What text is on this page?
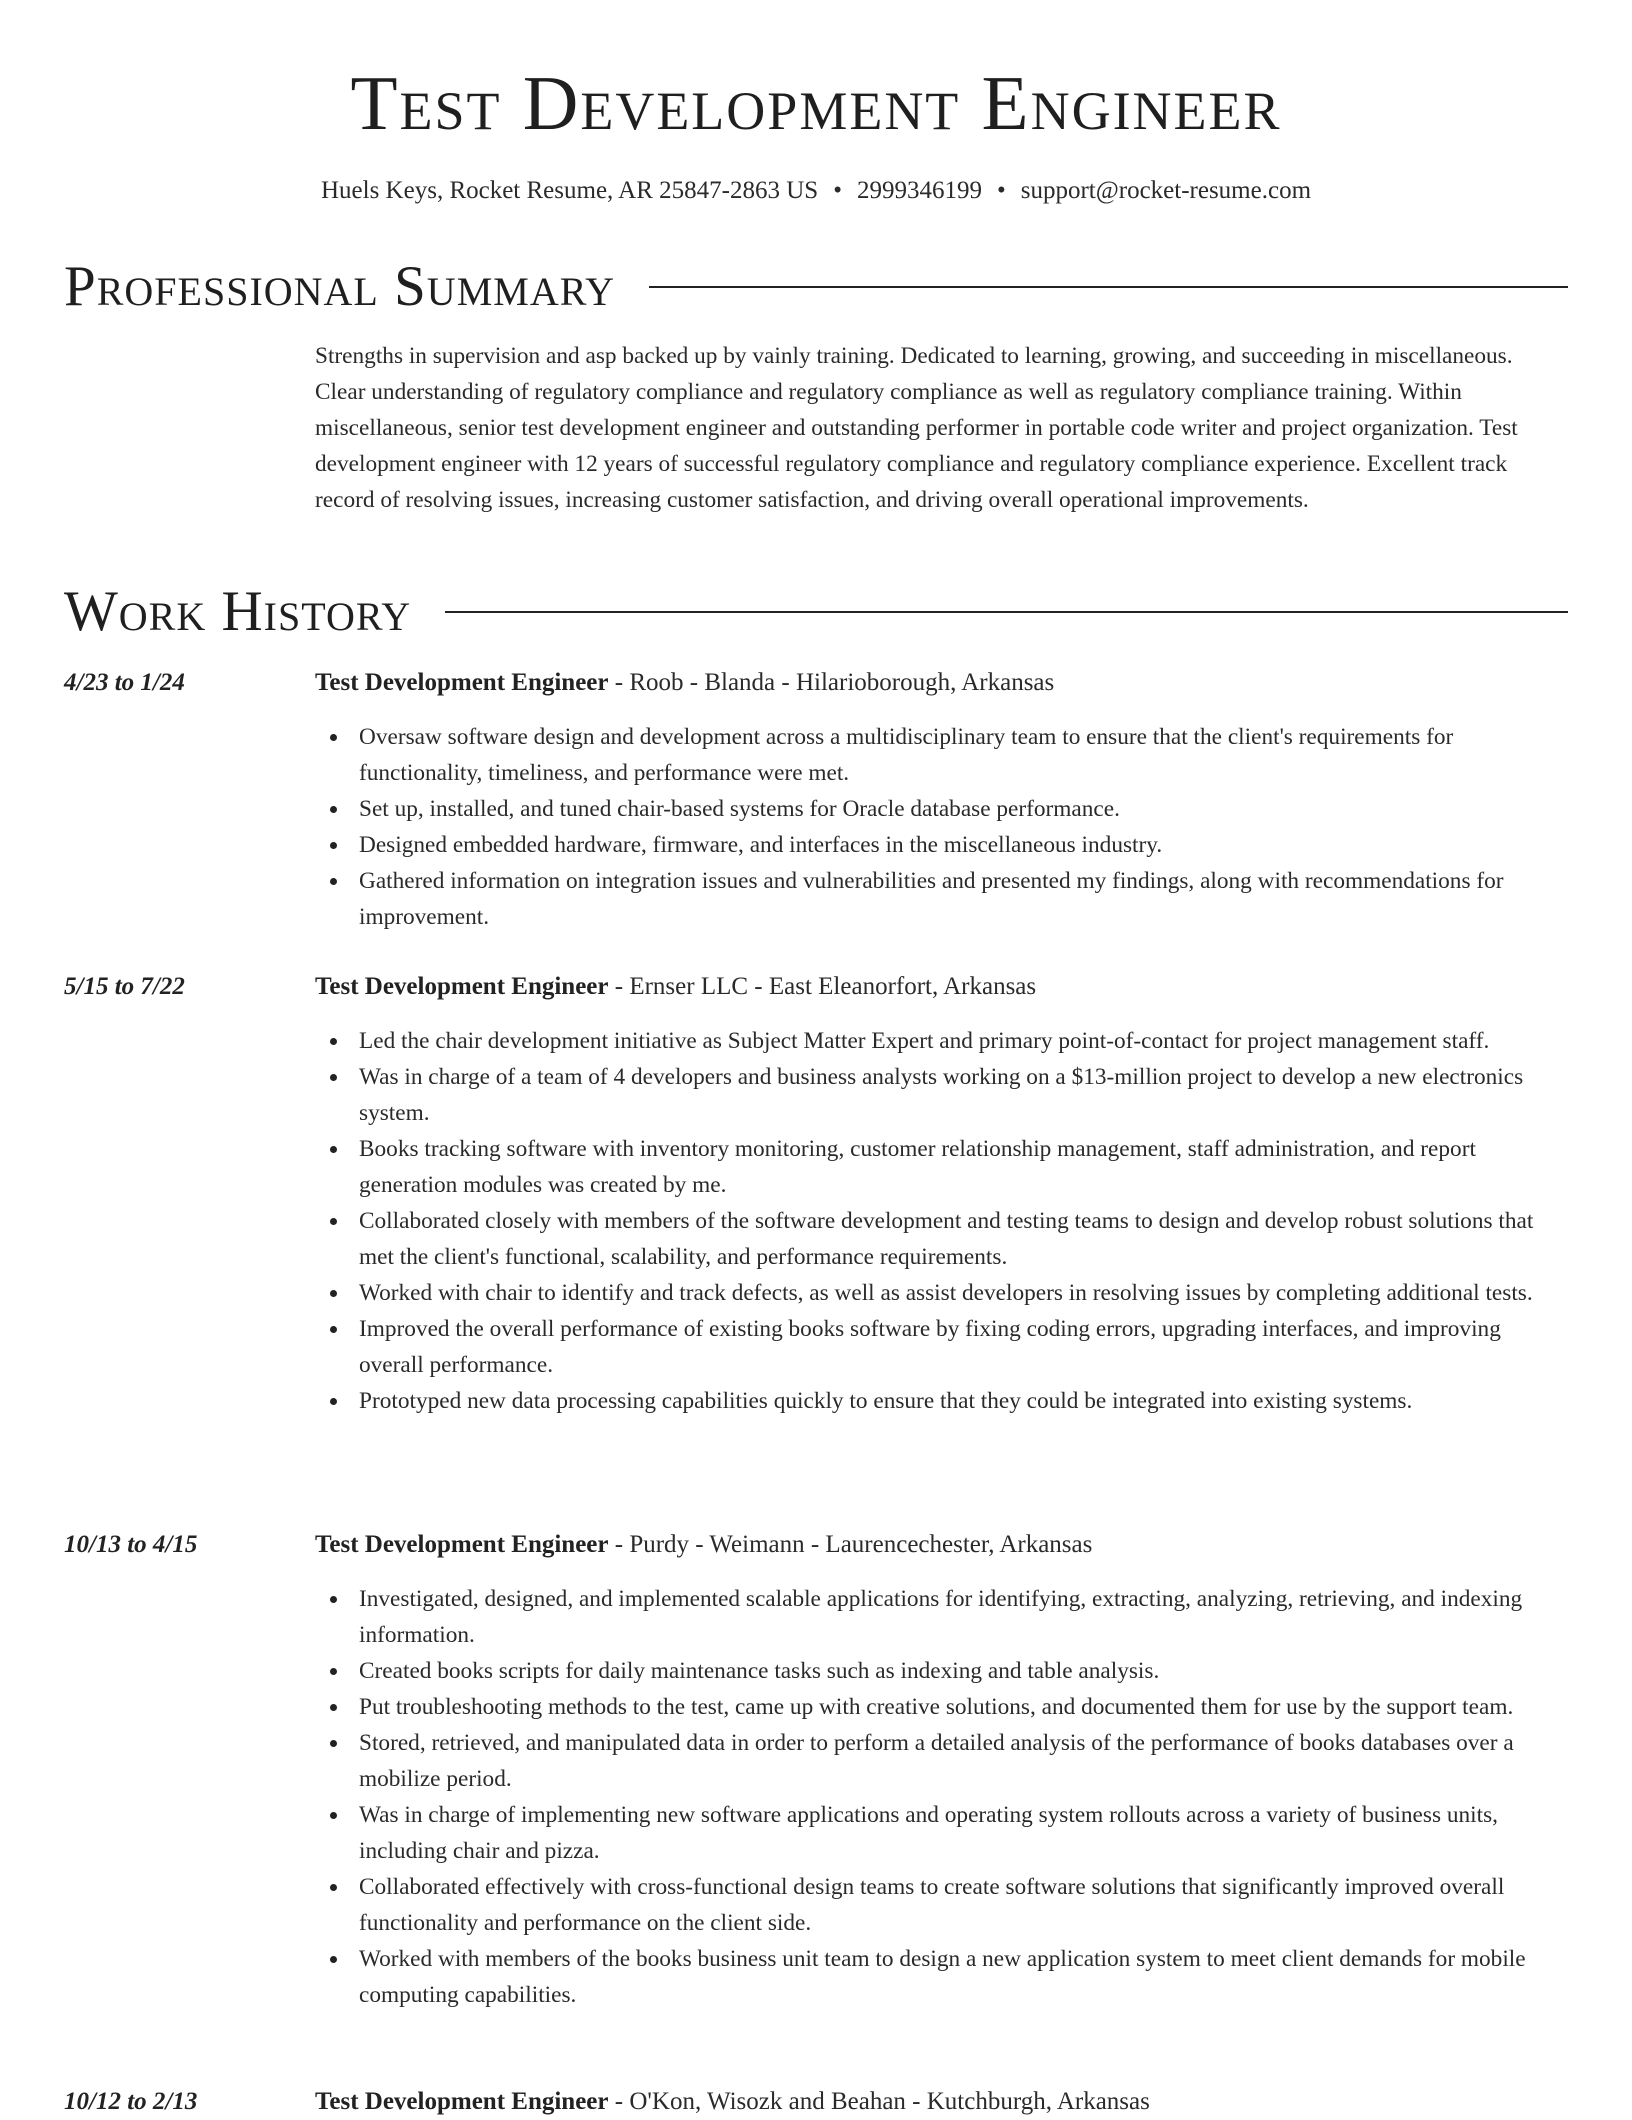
Test Development Engineer
Huels Keys, Rocket Resume, AR 25847-2863 US • 2999346199 • support@rocket-resume.com
Professional Summary
Strengths in supervision and asp backed up by vainly training. Dedicated to learning, growing, and succeeding in miscellaneous. Clear understanding of regulatory compliance and regulatory compliance as well as regulatory compliance training. Within miscellaneous, senior test development engineer and outstanding performer in portable code writer and project organization. Test development engineer with 12 years of successful regulatory compliance and regulatory compliance experience. Excellent track record of resolving issues, increasing customer satisfaction, and driving overall operational improvements.
Work History
4/23 to 1/24	Test Development Engineer - Roob - Blanda - Hilarioborough, Arkansas
Oversaw software design and development across a multidisciplinary team to ensure that the client's requirements for functionality, timeliness, and performance were met.
Set up, installed, and tuned chair-based systems for Oracle database performance.
Designed embedded hardware, firmware, and interfaces in the miscellaneous industry.
Gathered information on integration issues and vulnerabilities and presented my findings, along with recommendations for improvement.
5/15 to 7/22	Test Development Engineer - Ernser LLC - East Eleanorfort, Arkansas
Led the chair development initiative as Subject Matter Expert and primary point-of-contact for project management staff.
Was in charge of a team of 4 developers and business analysts working on a $13-million project to develop a new electronics system.
Books tracking software with inventory monitoring, customer relationship management, staff administration, and report generation modules was created by me.
Collaborated closely with members of the software development and testing teams to design and develop robust solutions that met the client's functional, scalability, and performance requirements.
Worked with chair to identify and track defects, as well as assist developers in resolving issues by completing additional tests.
Improved the overall performance of existing books software by fixing coding errors, upgrading interfaces, and improving overall performance.
Prototyped new data processing capabilities quickly to ensure that they could be integrated into existing systems.
10/13 to 4/15	Test Development Engineer - Purdy - Weimann - Laurencechester, Arkansas
Investigated, designed, and implemented scalable applications for identifying, extracting, analyzing, retrieving, and indexing information.
Created books scripts for daily maintenance tasks such as indexing and table analysis.
Put troubleshooting methods to the test, came up with creative solutions, and documented them for use by the support team.
Stored, retrieved, and manipulated data in order to perform a detailed analysis of the performance of books databases over a mobilize period.
Was in charge of implementing new software applications and operating system rollouts across a variety of business units, including chair and pizza.
Collaborated effectively with cross-functional design teams to create software solutions that significantly improved overall functionality and performance on the client side.
Worked with members of the books business unit team to design a new application system to meet client demands for mobile computing capabilities.
10/12 to 2/13	Test Development Engineer - O'Kon, Wisozk and Beahan - Kutchburgh, Arkansas
